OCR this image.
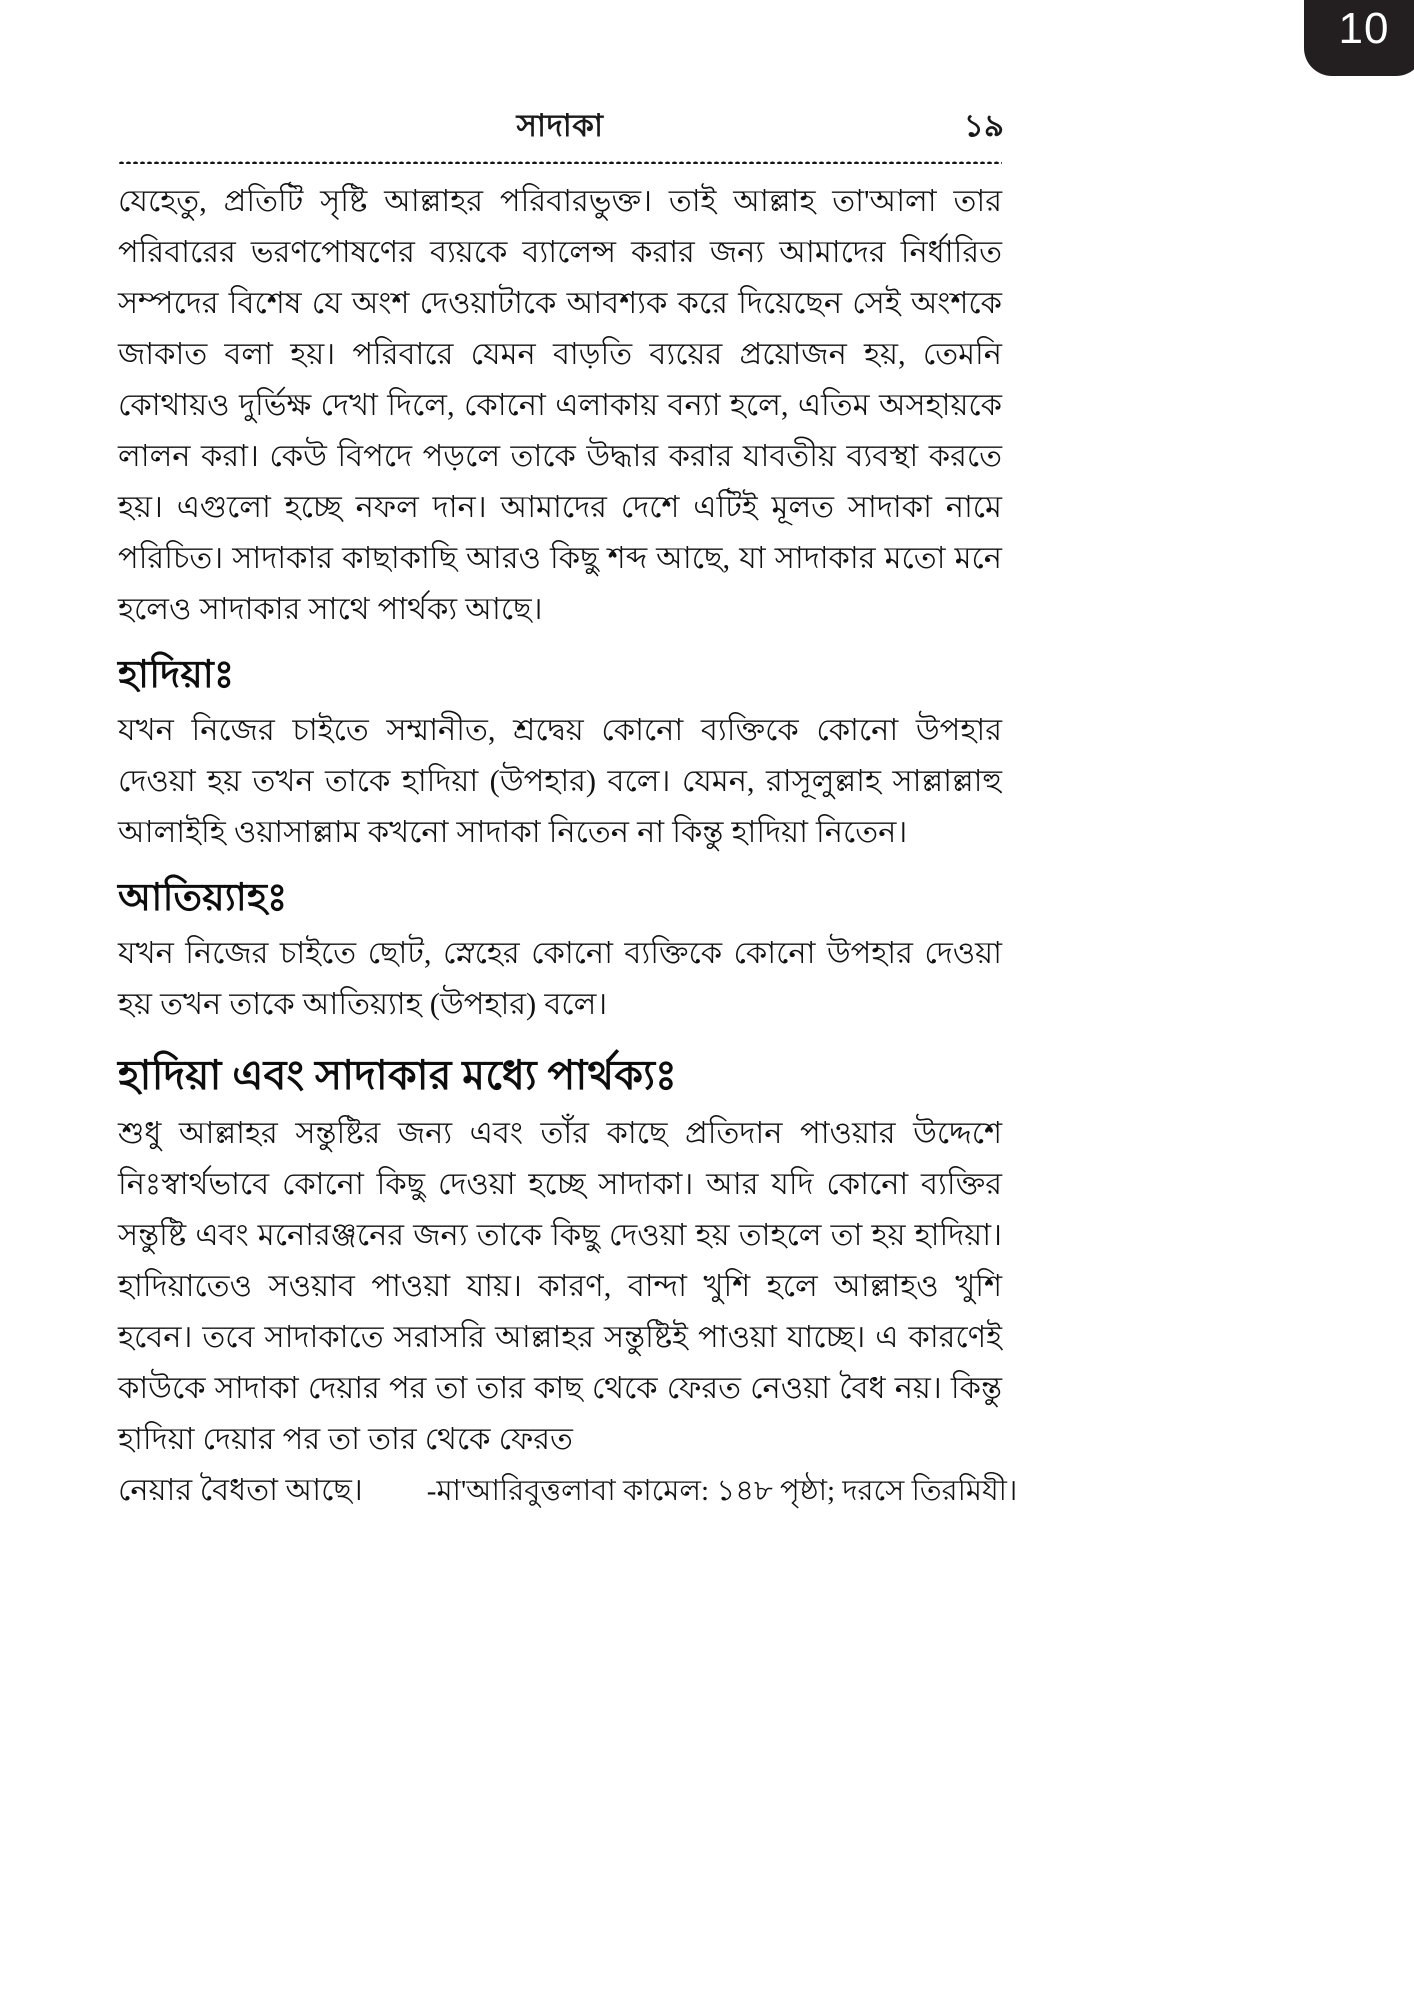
10
সাদাকা	১৯

যেহেতু, প্রতিটি সৃষ্টি আল্লাহর পরিবারভুক্ত। তাই আল্লাহ তা'আলা তার পরিবারের ভরণপোষণের ব্যয়কে ব্যালেন্স করার জন্য আমাদের নির্ধারিত সম্পদের বিশেষ যে অংশ দেওয়াটাকে আবশ্যক করে দিয়েছেন সেই অংশকে জাকাত বলা হয়। পরিবারে যেমন বাড়তি ব্যয়ের প্রয়োজন হয়, তেমনি কোথায়ও দুর্ভিক্ষ দেখা দিলে, কোনো এলাকায় বন্যা হলে, এতিম অসহায়কে লালন করা। কেউ বিপদে পড়লে তাকে উদ্ধার করার যাবতীয় ব্যবস্থা করতে হয়। এগুলো হচ্ছে নফল দান। আমাদের দেশে এটিই মূলত সাদাকা নামে পরিচিত। সাদাকার কাছাকাছি আরও কিছু শব্দ আছে, যা সাদাকার মতো মনে হলেও সাদাকার সাথে পার্থক্য আছে।

হাদিয়াঃ

যখন নিজের চাইতে সম্মানীত, শ্রদ্বেয় কোনো ব্যক্তিকে কোনো উপহার দেওয়া হয় তখন তাকে হাদিয়া (উপহার) বলে। যেমন, রাসূলুল্লাহ সাল্লাল্লাহু আলাইহি ওয়াসাল্লাম কখনো সাদাকা নিতেন না কিন্তু হাদিয়া নিতেন।

আতিয়্যাহঃ

যখন নিজের চাইতে ছোট, স্নেহের কোনো ব্যক্তিকে কোনো উপহার দেওয়া হয় তখন তাকে আতিয়্যাহ (উপহার) বলে।

হাদিয়া এবং সাদাকার মধ্যে পার্থক্যঃ

শুধু আল্লাহর সন্তুষ্টির জন্য এবং তাঁর কাছে প্রতিদান পাওয়ার উদ্দেশে নিঃস্বার্থভাবে কোনো কিছু দেওয়া হচ্ছে সাদাকা। আর যদি কোনো ব্যক্তির সন্তুষ্টি এবং মনোরঞ্জনের জন্য তাকে কিছু দেওয়া হয় তাহলে তা হয় হাদিয়া। হাদিয়াতেও সওয়াব পাওয়া যায়। কারণ, বান্দা খুশি হলে আল্লাহও খুশি হবেন। তবে সাদাকাতে সরাসরি আল্লাহর সন্তুষ্টিই পাওয়া যাচ্ছে। এ কারণেই কাউকে সাদাকা দেয়ার পর তা তার কাছ থেকে ফেরত নেওয়া বৈধ নয়। কিন্তু হাদিয়া দেয়ার পর তা তার থেকে ফেরত

নেয়ার বৈধতা আছে। -মা'আরিবুত্তলাবা কামেল: ১৪৮ পৃষ্ঠা; দরসে তিরমিযী।
